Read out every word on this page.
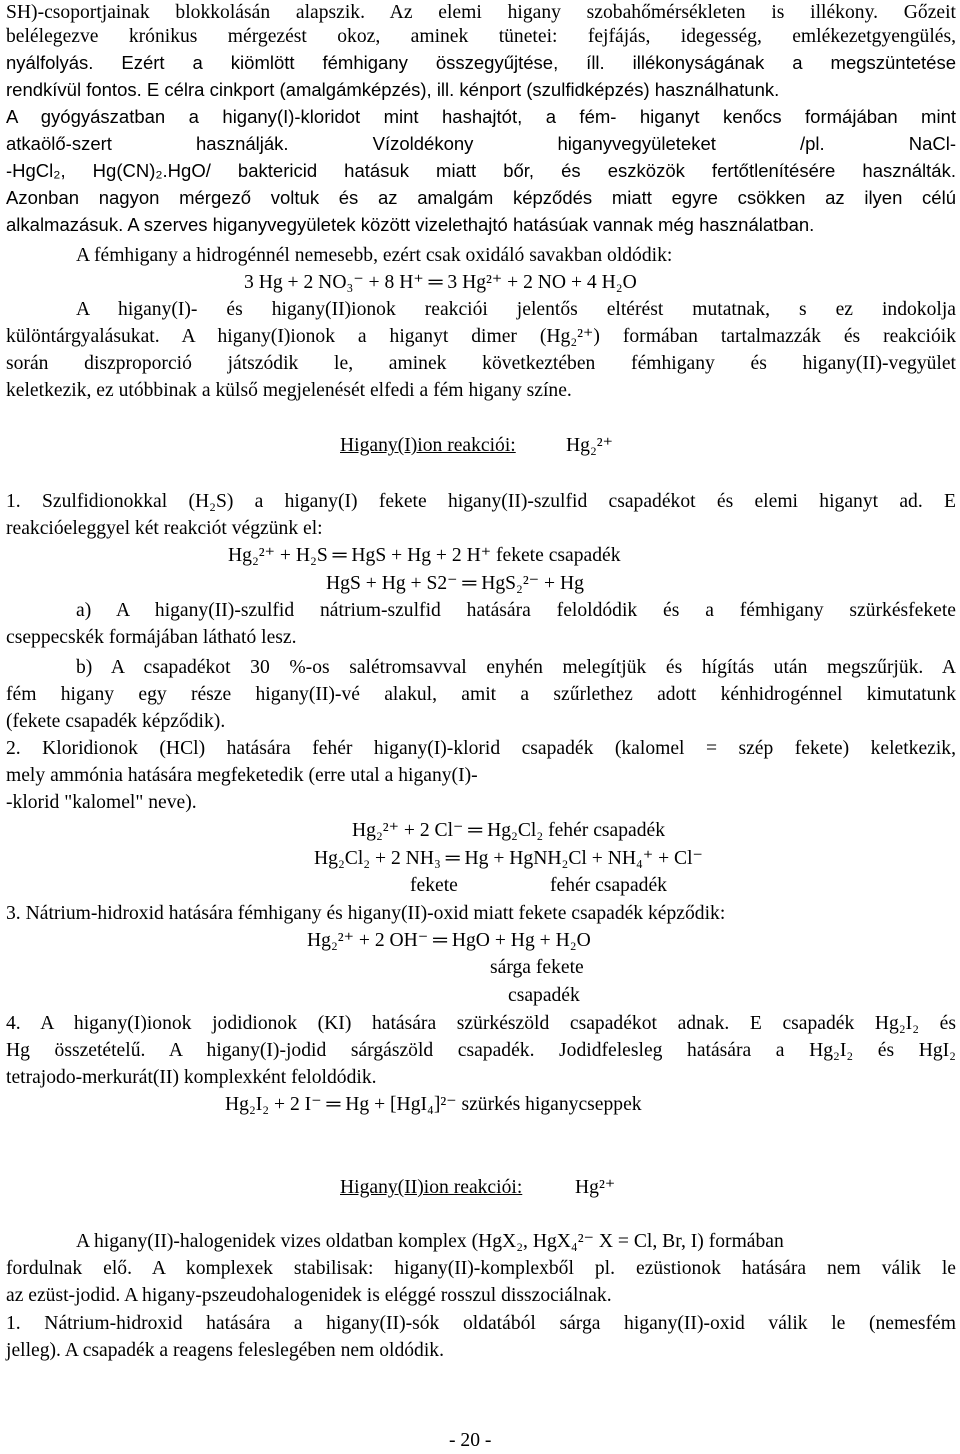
SH)-csoportjainak blokkolásán alapszik. Az elemi higany szobahőmérsékleten is illékony. Gőzeit
belélegezve krónikus mérgezést okoz, aminek tünetei: fejfájás, idegesség, emlékezetgyengülés,
nyálfolyás. Ezért a kiömlött fémhigany összegyűjtése, íll. illékonyságának a megszüntetése
rendkívül fontos. E célra cinkport (amalgámképzés), ill. kénport (szulfidképzés) használhatunk.
A gyógyászatban a higany(I)-kloridot mint hashajtót, a fém- higanyt kenőcs formájában mint
atkaölő-szert használják. Vízoldékony higanyvegyületeket /pl. NaCl-
-HgCl₂, Hg(CN)₂.HgO/ baktericid hatásuk miatt bőr, és eszközök fertőtlenítésére használták.
Azonban nagyon mérgező voltuk és az amalgám képződés miatt egyre csökken az ilyen célú
alkalmazásuk. A szerves higanyvegyületek között vizelethajtó hatásúak vannak még használatban.
A fémhigany a hidrogénnél nemesebb, ezért csak oxidáló savakban oldódik:
3 Hg + 2 NO₃⁻ + 8 H⁺ ═ 3 Hg²⁺ + 2 NO + 4 H₂O
A higany(I)- és higany(II)ionok reakciói jelentős eltérést mutatnak, s ez indokolja
különtárgyalásukat. A higany(I)ionok a higanyt dimer (Hg₂²⁺) formában tartalmazzák és reakcióik
során diszproporció játszódik le, aminek következtében fémhigany és higany(II)-vegyület
keletkezik, ez utóbbinak a külső megjelenését elfedi a fém higany színe.
Higany(I)ion reakciói:	Hg₂²⁺
1. Szulfidionokkal (H₂S) a higany(I) fekete higany(II)-szulfid csapadékot és elemi higanyt ad. E
reakcióeleggyel két reakciót végzünk el:
Hg₂²⁺ + H₂S ═ HgS + Hg + 2 H⁺ fekete csapadék
HgS + Hg + S2⁻ ═ HgS₂²⁻ + Hg
a) A higany(II)-szulfid nátrium-szulfid hatására feloldódik és a fémhigany szürkésfekete
cseppecskék formájában látható lesz.
b) A csapadékot 30 %-os salétromsavval enyhén melegítjük és hígítás után megszűrjük. A
fém higany egy része higany(II)-vé alakul, amit a szűrlethez adott kénhidrogénnel kimutatunk
(fekete csapadék képződik).
2. Kloridionok (HCl) hatására fehér higany(I)-klorid csapadék (kalomel = szép fekete) keletkezik,
mely ammónia hatására megfeketedik (erre utal a higany(I)-
-klorid "kalomel" neve).
Hg₂²⁺ + 2 Cl⁻ ═ Hg₂Cl₂ fehér csapadék
Hg₂Cl₂ + 2 NH₃ ═ Hg + HgNH₂Cl + NH₄⁺ + Cl⁻
fekete	fehér csapadék
3. Nátrium-hidroxid hatására fémhigany és higany(II)-oxid miatt fekete csapadék képződik:
Hg₂²⁺ + 2 OH⁻ ═ HgO + Hg + H₂O
sárga fekete
csapadék
4. A higany(I)ionok jodidionok (KI) hatására szürkészöld csapadékot adnak. E csapadék Hg₂I₂ és
Hg összetételű. A higany(I)-jodid sárgászöld csapadék. Jodidfelesleg hatására a Hg₂I₂ és HgI₂
tetrajodo-merkurát(II) komplexként feloldódik.
Hg₂I₂ + 2 I⁻ ═ Hg + [HgI₄]²⁻ szürkés higanycseppek
Higany(II)ion reakciói:	Hg²⁺
A higany(II)-halogenidek vizes oldatban komplex (HgX₂, HgX₄²⁻ X = Cl, Br, I) formában
fordulnak elő. A komplexek stabilisak: higany(II)-komplexből pl. ezüstionok hatására nem válik le
az ezüst-jodid. A higany-pszeudohalogenidek is eléggé rosszul disszociálnak.
1. Nátrium-hidroxid hatására a higany(II)-sók oldatából sárga higany(II)-oxid válik le (nemesfém
jelleg). A csapadék a reagens feleslegében nem oldódik.
- 20 -
